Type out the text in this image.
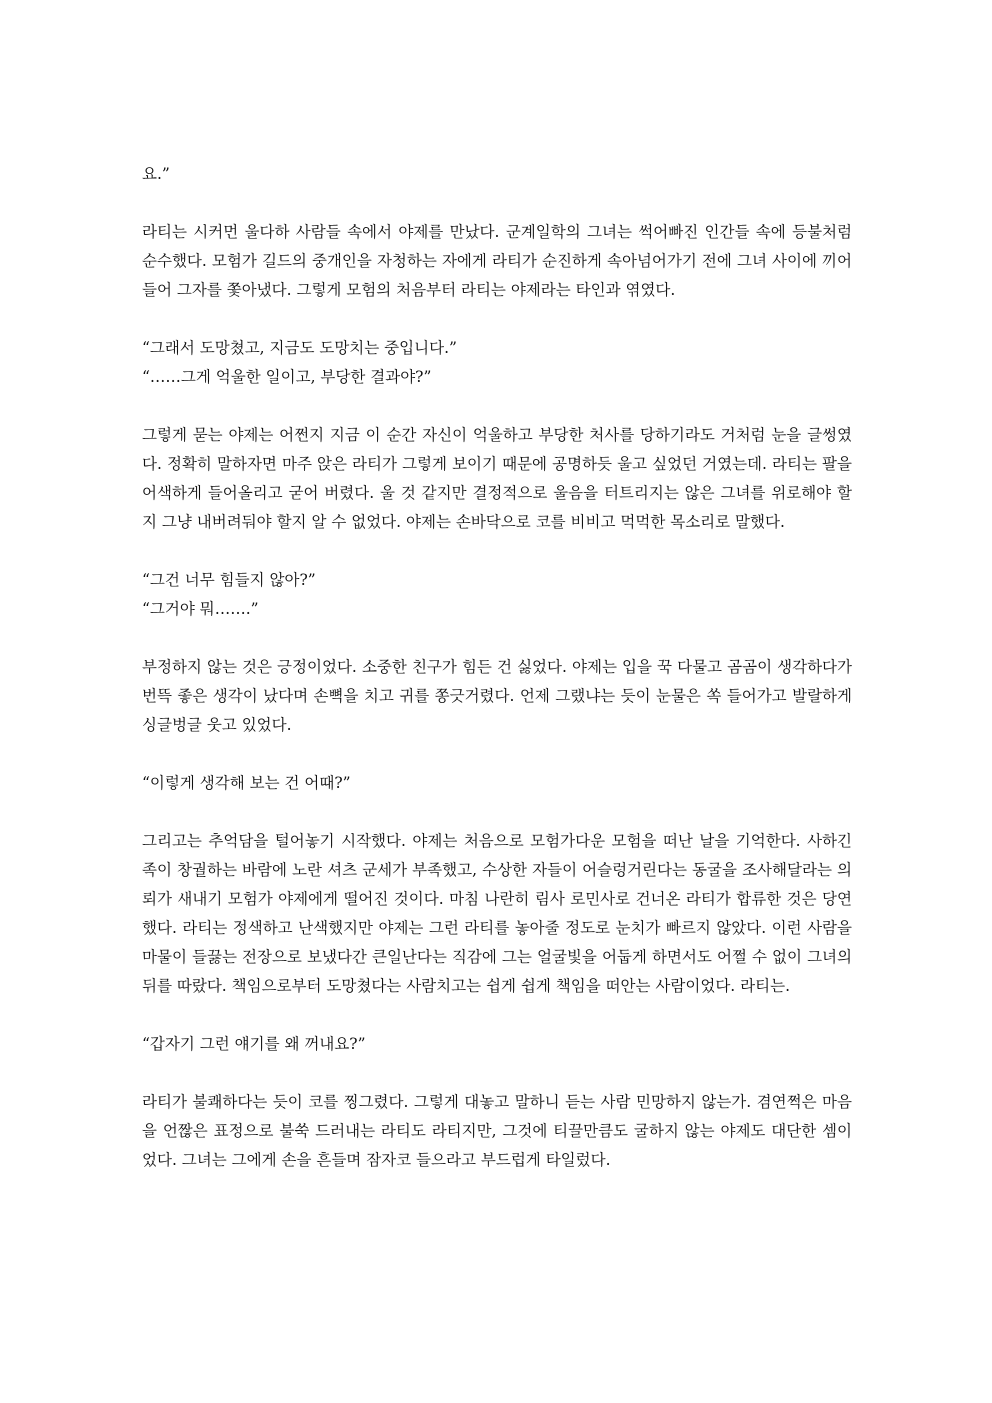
요.”

라티는 시커먼 울다하 사람들 속에서 야제를 만났다. 군계일학의 그녀는 썩어빠진 인간들 속에 등불처럼 순수했다. 모험가 길드의 중개인을 자청하는 자에게 라티가 순진하게 속아넘어가기 전에 그녀 사이에 끼어들어 그자를 쫓아냈다. 그렇게 모험의 처음부터 라티는 야제라는 타인과 엮였다.

“그래서 도망쳤고, 지금도 도망치는 중입니다.”

“……그게 억울한 일이고, 부당한 결과야?”

그렇게 묻는 야제는 어쩐지 지금 이 순간 자신이 억울하고 부당한 처사를 당하기라도 거처럼 눈을 글썽였다. 정확히 말하자면 마주 앉은 라티가 그렇게 보이기 때문에 공명하듯 울고 싶었던 거였는데. 라티는 팔을 어색하게 들어올리고 굳어 버렸다. 울 것 같지만 결정적으로 울음을 터트리지는 않은 그녀를 위로해야 할지 그냥 내버려둬야 할지 알 수 없었다. 야제는 손바닥으로 코를 비비고 먹먹한 목소리로 말했다.

“그건 너무 힘들지 않아?”

“그거야 뭐…….”

부정하지 않는 것은 긍정이었다. 소중한 친구가 힘든 건 싫었다. 야제는 입을 꾹 다물고 곰곰이 생각하다가 번뜩 좋은 생각이 났다며 손뼉을 치고 귀를 쫑긋거렸다. 언제 그랬냐는 듯이 눈물은 쏙 들어가고 발랄하게 싱글벙글 웃고 있었다.

“이렇게 생각해 보는 건 어때?”

그리고는 추억담을 털어놓기 시작했다. 야제는 처음으로 모험가다운 모험을 떠난 날을 기억한다. 사하긴 족이 창궐하는 바람에 노란 셔츠 군세가 부족했고, 수상한 자들이 어슬렁거린다는 동굴을 조사해달라는 의뢰가 새내기 모험가 야제에게 떨어진 것이다. 마침 나란히 림사 로민사로 건너온 라티가 합류한 것은 당연했다. 라티는 정색하고 난색했지만 야제는 그런 라티를 놓아줄 정도로 눈치가 빠르지 않았다. 이런 사람을 마물이 들끓는 전장으로 보냈다간 큰일난다는 직감에 그는 얼굴빛을 어둡게 하면서도 어쩔 수 없이 그녀의 뒤를 따랐다. 책임으로부터 도망쳤다는 사람치고는 쉽게 쉽게 책임을 떠안는 사람이었다. 라티는.

“갑자기 그런 얘기를 왜 꺼내요?”

라티가 불쾌하다는 듯이 코를 찡그렸다. 그렇게 대놓고 말하니 듣는 사람 민망하지 않는가. 겸연쩍은 마음을 언짢은 표정으로 불쑥 드러내는 라티도 라티지만, 그것에 티끌만큼도 굴하지 않는 야제도 대단한 셈이었다. 그녀는 그에게 손을 흔들며 잠자코 들으라고 부드럽게 타일렀다.
